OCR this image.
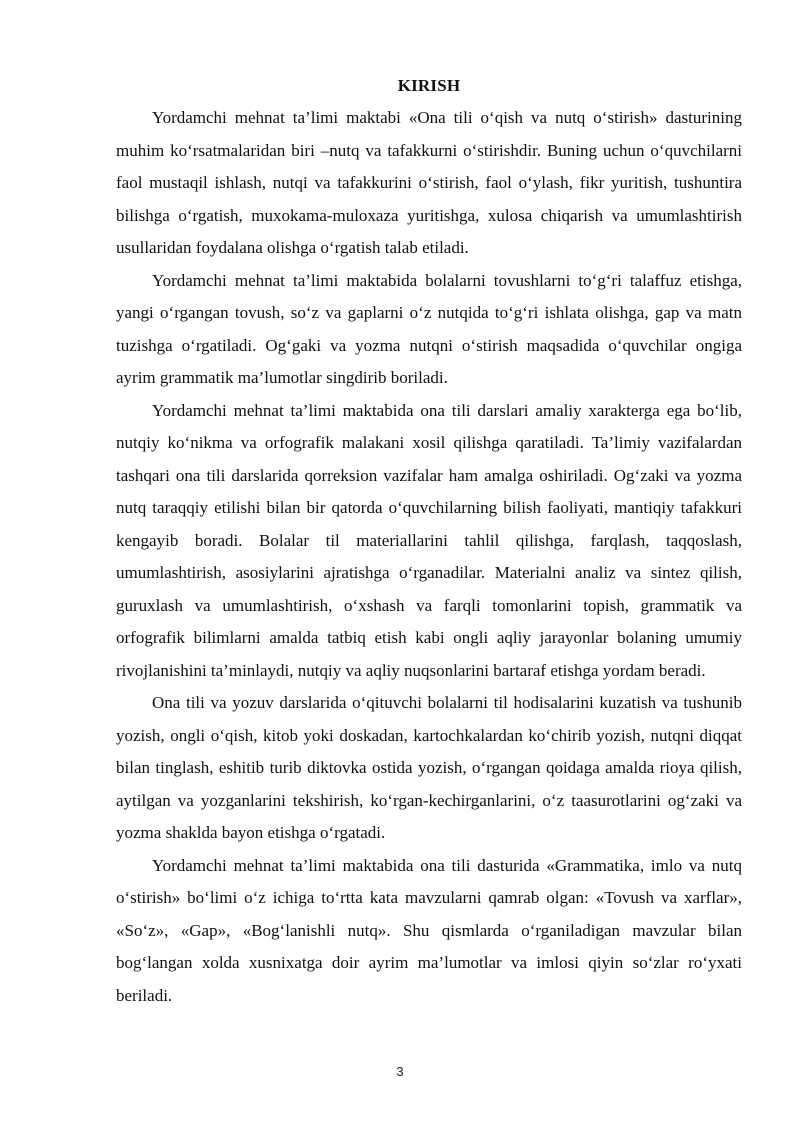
KIRISH

Yordamchi mehnat ta’limi maktabi «Ona tili o‘qish va nutq o‘stirish» dasturining muhim ko‘rsatmalaridan biri –nutq va tafakkurni o‘stirishdir. Buning uchun o‘quvchilarni faol mustaqil ishlash, nutqi va tafakkurini o‘stirish, faol o‘ylash, fikr yuritish, tushuntira bilishga o‘rgatish, muxokama-muloxaza yuritishga, xulosa chiqarish va umumlashtirish usullaridan foydalana olishga o‘rgatish talab etiladi.

Yordamchi mehnat ta’limi maktabida bolalarni tovushlarni to‘g‘ri talaffuz etishga, yangi o‘rgangan tovush, so‘z va gaplarni o‘z nutqida to‘g‘ri ishlata olishga, gap va matn tuzishga o‘rgatiladi. Og‘gaki va yozma nutqni o‘stirish maqsadida o‘quvchilar ongiga ayrim grammatik ma’lumotlar singdirib boriladi.

Yordamchi mehnat ta’limi maktabida ona tili darslari amaliy xarakterga ega bo‘lib, nutqiy ko‘nikma va orfografik malakani xosil qilishga qaratiladi. Ta’limiy vazifalardan tashqari ona tili darslarida qorreksion vazifalar ham amalga oshiriladi. Og‘zaki va yozma nutq taraqqiy etilishi bilan bir qatorda o‘quvchilarning bilish faoliyati, mantiqiy tafakkuri kengayib boradi. Bolalar til materiallarini tahlil qilishga, farqlash, taqqoslash, umumlashtirish, asosiylarini ajratishga o‘rganadilar. Materialni analiz va sintez qilish, guruxlash va umumlashtirish, o‘xshash va farqli tomonlarini topish, grammatik va orfografik bilimlarni amalda tatbiq etish kabi ongli aqliy jarayonlar bolaning umumiy rivojlanishini ta’minlaydi, nutqiy va aqliy nuqsonlarini bartaraf etishga yordam beradi.

Ona tili va yozuv darslarida o‘qituvchi bolalarni til hodisalarini kuzatish va tushunib yozish, ongli o‘qish, kitob yoki doskadan, kartochkalardan ko‘chirib yozish, nutqni diqqat bilan tinglash, eshitib turib diktovka ostida yozish, o‘rgangan qoidaga amalda rioya qilish, aytilgan va yozganlarini tekshirish, ko‘rgan-kechirganlarini, o‘z taasurotlarini og‘zaki va yozma shaklda bayon etishga o‘rgatadi.

Yordamchi mehnat ta’limi maktabida ona tili dasturida «Grammatika, imlo va nutq o‘stirish» bo‘limi o‘z ichiga to‘rtta kata mavzularni qamrab olgan: «Tovush va xarflar», «So‘z», «Gap», «Bog‘lanishli nutq». Shu qismlarda o‘rganiladigan mavzular bilan bog‘langan xolda xusnixatga doir ayrim ma’lumotlar va imlosi qiyin so‘zlar ro‘yxati beriladi.

3
